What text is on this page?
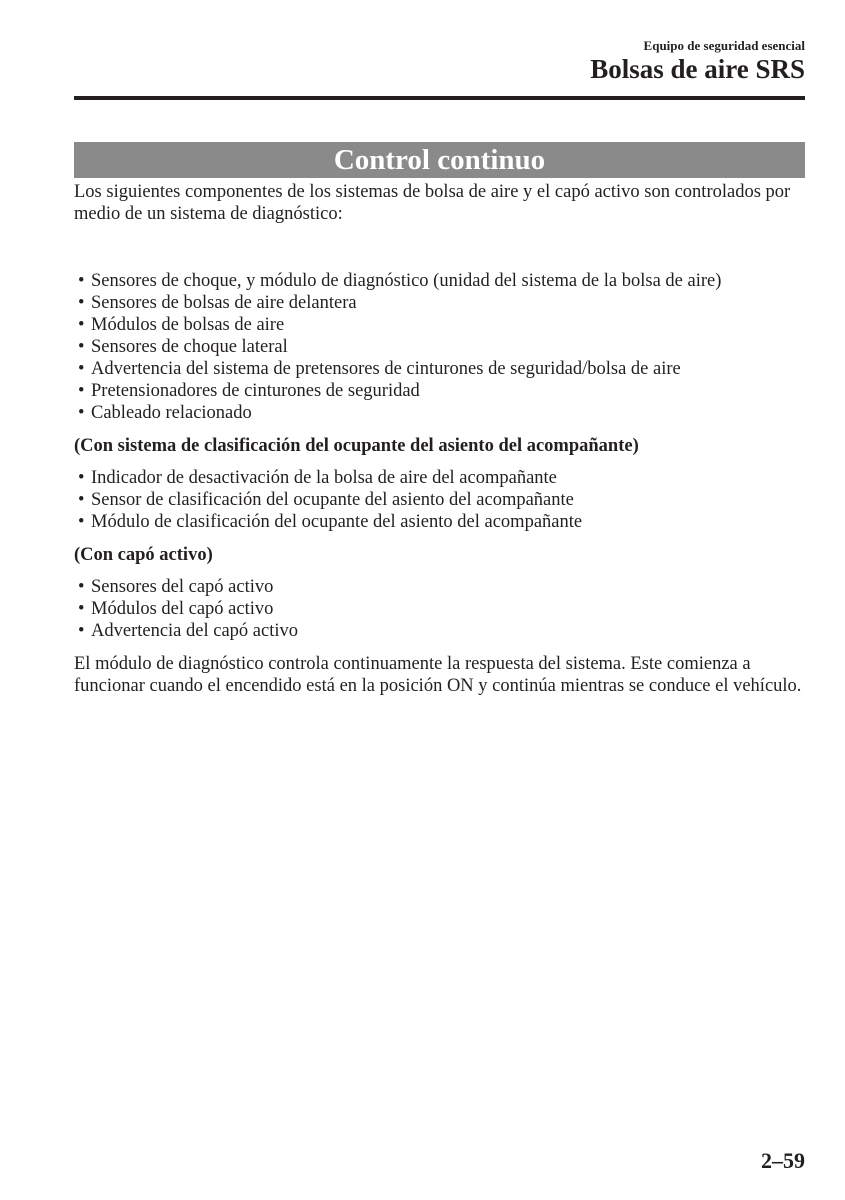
Equipo de seguridad esencial
Bolsas de aire SRS
Control continuo

Los siguientes componentes de los sistemas de bolsa de aire y el capó activo son controlados por medio de un sistema de diagnóstico:

• Sensores de choque, y módulo de diagnóstico (unidad del sistema de la bolsa de aire)
• Sensores de bolsas de aire delantera
• Módulos de bolsas de aire
• Sensores de choque lateral
• Advertencia del sistema de pretensores de cinturones de seguridad/bolsa de aire
• Pretensionadores de cinturones de seguridad
• Cableado relacionado

(Con sistema de clasificación del ocupante del asiento del acompañante)

• Indicador de desactivación de la bolsa de aire del acompañante
• Sensor de clasificación del ocupante del asiento del acompañante
• Módulo de clasificación del ocupante del asiento del acompañante

(Con capó activo)

• Sensores del capó activo
• Módulos del capó activo
• Advertencia del capó activo

El módulo de diagnóstico controla continuamente la respuesta del sistema. Este comienza a funcionar cuando el encendido está en la posición ON y continúa mientras se conduce el vehículo.

2–59
